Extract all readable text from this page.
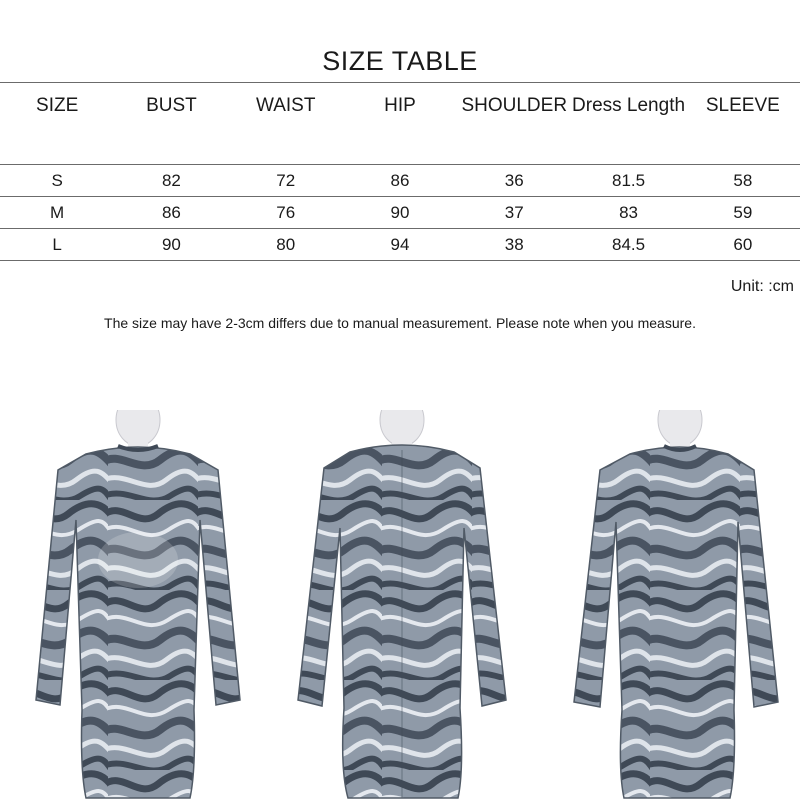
SIZE TABLE
SIZE	BUST	WAIST	HIP	SHOULDER	Dress Length	SLEEVE

S	82	72	86	36	81.5	58
M	86	76	90	37	83	59
L	90	80	94	38	84.5	60
Unit: :cm
The size may have 2-3cm differs due to manual measurement. Please note when you measure.
